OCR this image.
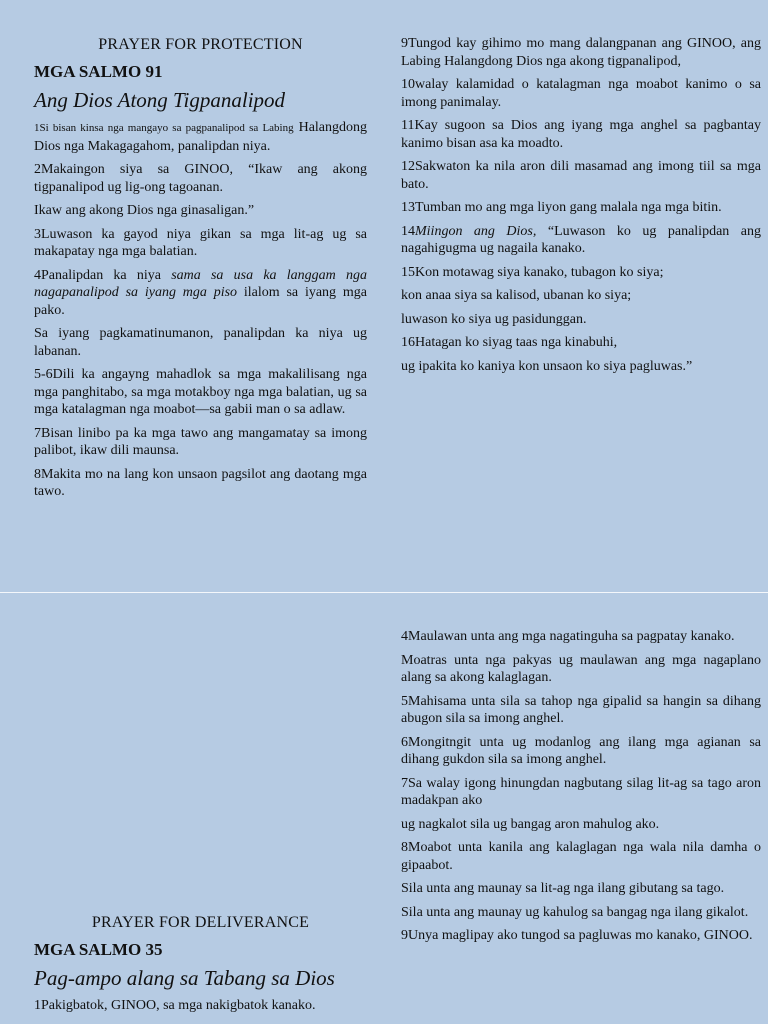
PRAYER FOR PROTECTION
MGA SALMO 91
Ang Dios Atong Tigpanalipod

1Si bisan kinsa nga mangayo sa pagpanalipod sa Labing Halangdong Dios nga Makagagahom, panalipdan niya.

2Makaingon siya sa GINOO, “Ikaw ang akong tigpanalipod ug lig-ong tagoanan.

Ikaw ang akong Dios nga ginasaligan.”

3Luwason ka gayod niya gikan sa mga lit-ag ug sa makapatay nga mga balatian.

4Panalipdan ka niya sama sa usa ka langgam nga nagapanalipod sa iyang mga piso ilalom sa iyang mga pako.

Sa iyang pagkamatinumanon, panalipdan ka niya ug labanan.

5-6Dili ka angayng mahadlok sa mga makalilisang nga mga panghitabo, sa mga motakboy nga mga balatian, ug sa mga katalagman nga moabot—sa gabii man o sa adlaw.

7Bisan linibo pa ka mga tawo ang mangamatay sa imong palibot, ikaw dili maunsa.

8Makita mo na lang kon unsaon pagsilot ang daotang mga tawo.

9Tungod kay gihimo mo mang dalangpanan ang GINOO, ang Labing Halangdong Dios nga akong tigpanalipod,

10walay kalamidad o katalagman nga moabot kanimo o sa imong panimalay.

11Kay sugoon sa Dios ang iyang mga anghel sa pagbantay kanimo bisan asa ka moadto.

12Sakwaton ka nila aron dili masamad ang imong tiil sa mga bato.

13Tumban mo ang mga liyon gang malala nga mga bitin.

14Miingon ang Dios, “Luwason ko ug panalipdan ang nagahigugma ug nagaila kanako.

15Kon motawag siya kanako, tubagon ko siya;

kon anaa siya sa kalisod, ubanan ko siya;

luwason ko siya ug pasidunggan.

16Hatagan ko siyag taas nga kinabuhi,

ug ipakita ko kaniya kon unsaon ko siya pagluwas.”

4Maulawan unta ang mga nagatinguha sa pagpatay kanako.

Moatras unta nga pakyas ug maulawan ang mga nagaplano alang sa akong kalaglagan.

5Mahisama unta sila sa tahop nga gipalid sa hangin sa dihang abugon sila sa imong anghel.

6Mongitngit unta ug modanlog ang ilang mga agianan sa dihang gukdon sila sa imong anghel.

7Sa walay igong hinungdan nagbutang silag lit-ag sa tago aron madakpan ako

ug nagkalot sila ug bangag aron mahulog ako.

8Moabot unta kanila ang kalaglagan nga wala nila damha o gipaabot.

Sila unta ang maunay sa lit-ag nga ilang gibutang sa tago.

Sila unta ang maunay ug kahulog sa bangag nga ilang gikalot.

9Unya maglipay ako tungod sa pagluwas mo kanako, GINOO.

PRAYER FOR DELIVERANCE
MGA SALMO 35
Pag-ampo alang sa Tabang sa Dios

1Pakigbatok, GINOO, sa mga nakigbatok kanako.
